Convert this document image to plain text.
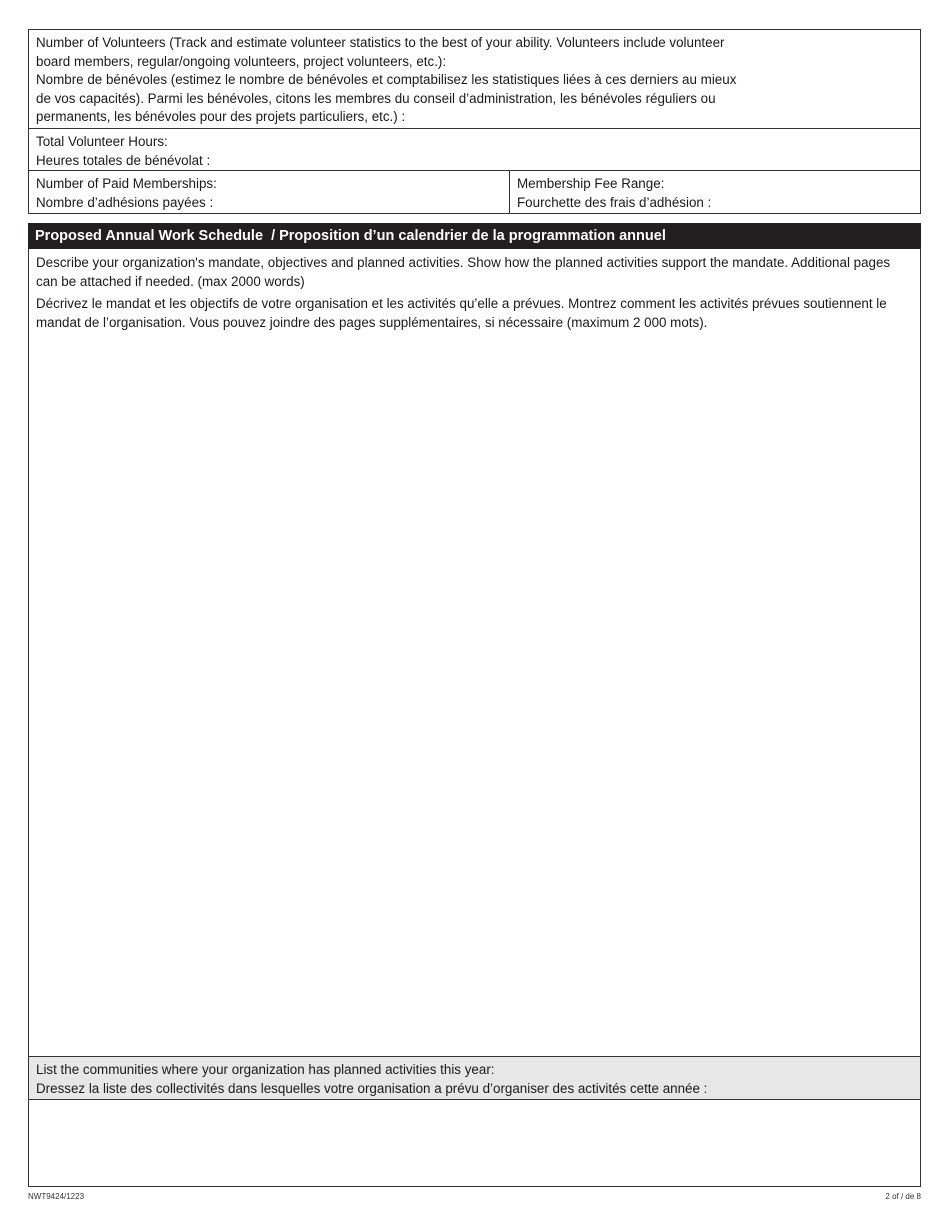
Number of Volunteers (Track and estimate volunteer statistics to the best of your ability. Volunteers include volunteer
board members, regular/ongoing volunteers, project volunteers, etc.):
Nombre de bénévoles (estimez le nombre de bénévoles et comptabilisez les statistiques liées à ces derniers au mieux
de vos capacités). Parmi les bénévoles, citons les membres du conseil d’administration, les bénévoles réguliers ou
permanents, les bénévoles pour des projets particuliers, etc.) :
Total Volunteer Hours:
Heures totales de bénévolat :
Number of Paid Memberships:
Nombre d’adhésions payées :
Membership Fee Range:
Fourchette des frais d’adhésion :
Proposed Annual Work Schedule  / Proposition d’un calendrier de la programmation annuel

Describe your organization's mandate, objectives and planned activities. Show how the planned activities support the mandate. Additional pages can be attached if needed. (max 2000 words)

Décrivez le mandat et les objectifs de votre organisation et les activités qu’elle a prévues. Montrez comment les activités prévues soutiennent le mandat de l’organisation. Vous pouvez joindre des pages supplémentaires, si nécessaire (maximum 2 000 mots).

List the communities where your organization has planned activities this year:
Dressez la liste des collectivités dans lesquelles votre organisation a prévu d’organiser des activités cette année :
NWT9424/1223	2 of / de 8
